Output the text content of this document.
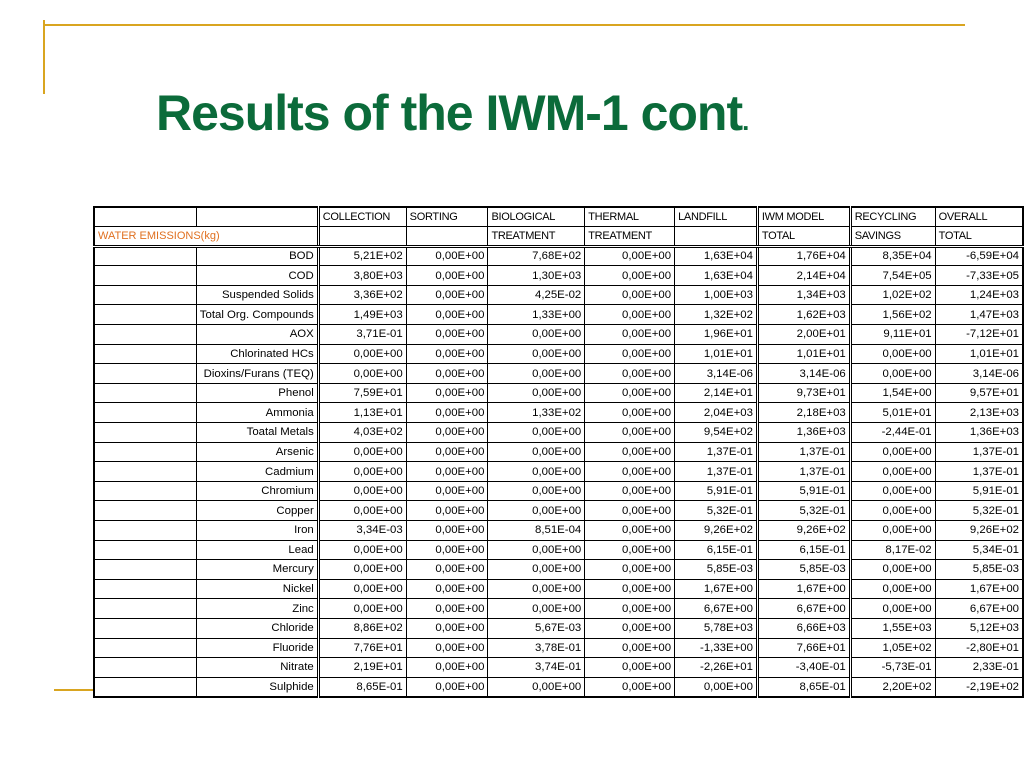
Results of the IWM-1 cont.
		COLLECTION	SORTING	BIOLOGICAL	THERMAL	LANDFILL	IWM MODEL	RECYCLING	OVERALL
WATER EMISSIONS(kg)				TREATMENT	TREATMENT		TOTAL	SAVINGS	TOTAL
	BOD	5,21E+02	0,00E+00	7,68E+02	0,00E+00	1,63E+04	1,76E+04	8,35E+04	-6,59E+04
	COD	3,80E+03	0,00E+00	1,30E+03	0,00E+00	1,63E+04	2,14E+04	7,54E+05	-7,33E+05
	Suspended Solids	3,36E+02	0,00E+00	4,25E-02	0,00E+00	1,00E+03	1,34E+03	1,02E+02	1,24E+03
	Total Org. Compounds	1,49E+03	0,00E+00	1,33E+00	0,00E+00	1,32E+02	1,62E+03	1,56E+02	1,47E+03
	AOX	3,71E-01	0,00E+00	0,00E+00	0,00E+00	1,96E+01	2,00E+01	9,11E+01	-7,12E+01
	Chlorinated HCs	0,00E+00	0,00E+00	0,00E+00	0,00E+00	1,01E+01	1,01E+01	0,00E+00	1,01E+01
	Dioxins/Furans (TEQ)	0,00E+00	0,00E+00	0,00E+00	0,00E+00	3,14E-06	3,14E-06	0,00E+00	3,14E-06
	Phenol	7,59E+01	0,00E+00	0,00E+00	0,00E+00	2,14E+01	9,73E+01	1,54E+00	9,57E+01
	Ammonia	1,13E+01	0,00E+00	1,33E+02	0,00E+00	2,04E+03	2,18E+03	5,01E+01	2,13E+03
	Toatal Metals	4,03E+02	0,00E+00	0,00E+00	0,00E+00	9,54E+02	1,36E+03	-2,44E-01	1,36E+03
	Arsenic	0,00E+00	0,00E+00	0,00E+00	0,00E+00	1,37E-01	1,37E-01	0,00E+00	1,37E-01
	Cadmium	0,00E+00	0,00E+00	0,00E+00	0,00E+00	1,37E-01	1,37E-01	0,00E+00	1,37E-01
	Chromium	0,00E+00	0,00E+00	0,00E+00	0,00E+00	5,91E-01	5,91E-01	0,00E+00	5,91E-01
	Copper	0,00E+00	0,00E+00	0,00E+00	0,00E+00	5,32E-01	5,32E-01	0,00E+00	5,32E-01
	Iron	3,34E-03	0,00E+00	8,51E-04	0,00E+00	9,26E+02	9,26E+02	0,00E+00	9,26E+02
	Lead	0,00E+00	0,00E+00	0,00E+00	0,00E+00	6,15E-01	6,15E-01	8,17E-02	5,34E-01
	Mercury	0,00E+00	0,00E+00	0,00E+00	0,00E+00	5,85E-03	5,85E-03	0,00E+00	5,85E-03
	Nickel	0,00E+00	0,00E+00	0,00E+00	0,00E+00	1,67E+00	1,67E+00	0,00E+00	1,67E+00
	Zinc	0,00E+00	0,00E+00	0,00E+00	0,00E+00	6,67E+00	6,67E+00	0,00E+00	6,67E+00
	Chloride	8,86E+02	0,00E+00	5,67E-03	0,00E+00	5,78E+03	6,66E+03	1,55E+03	5,12E+03
	Fluoride	7,76E+01	0,00E+00	3,78E-01	0,00E+00	-1,33E+00	7,66E+01	1,05E+02	-2,80E+01
	Nitrate	2,19E+01	0,00E+00	3,74E-01	0,00E+00	-2,26E+01	-3,40E-01	-5,73E-01	2,33E-01
	Sulphide	8,65E-01	0,00E+00	0,00E+00	0,00E+00	0,00E+00	8,65E-01	2,20E+02	-2,19E+02
